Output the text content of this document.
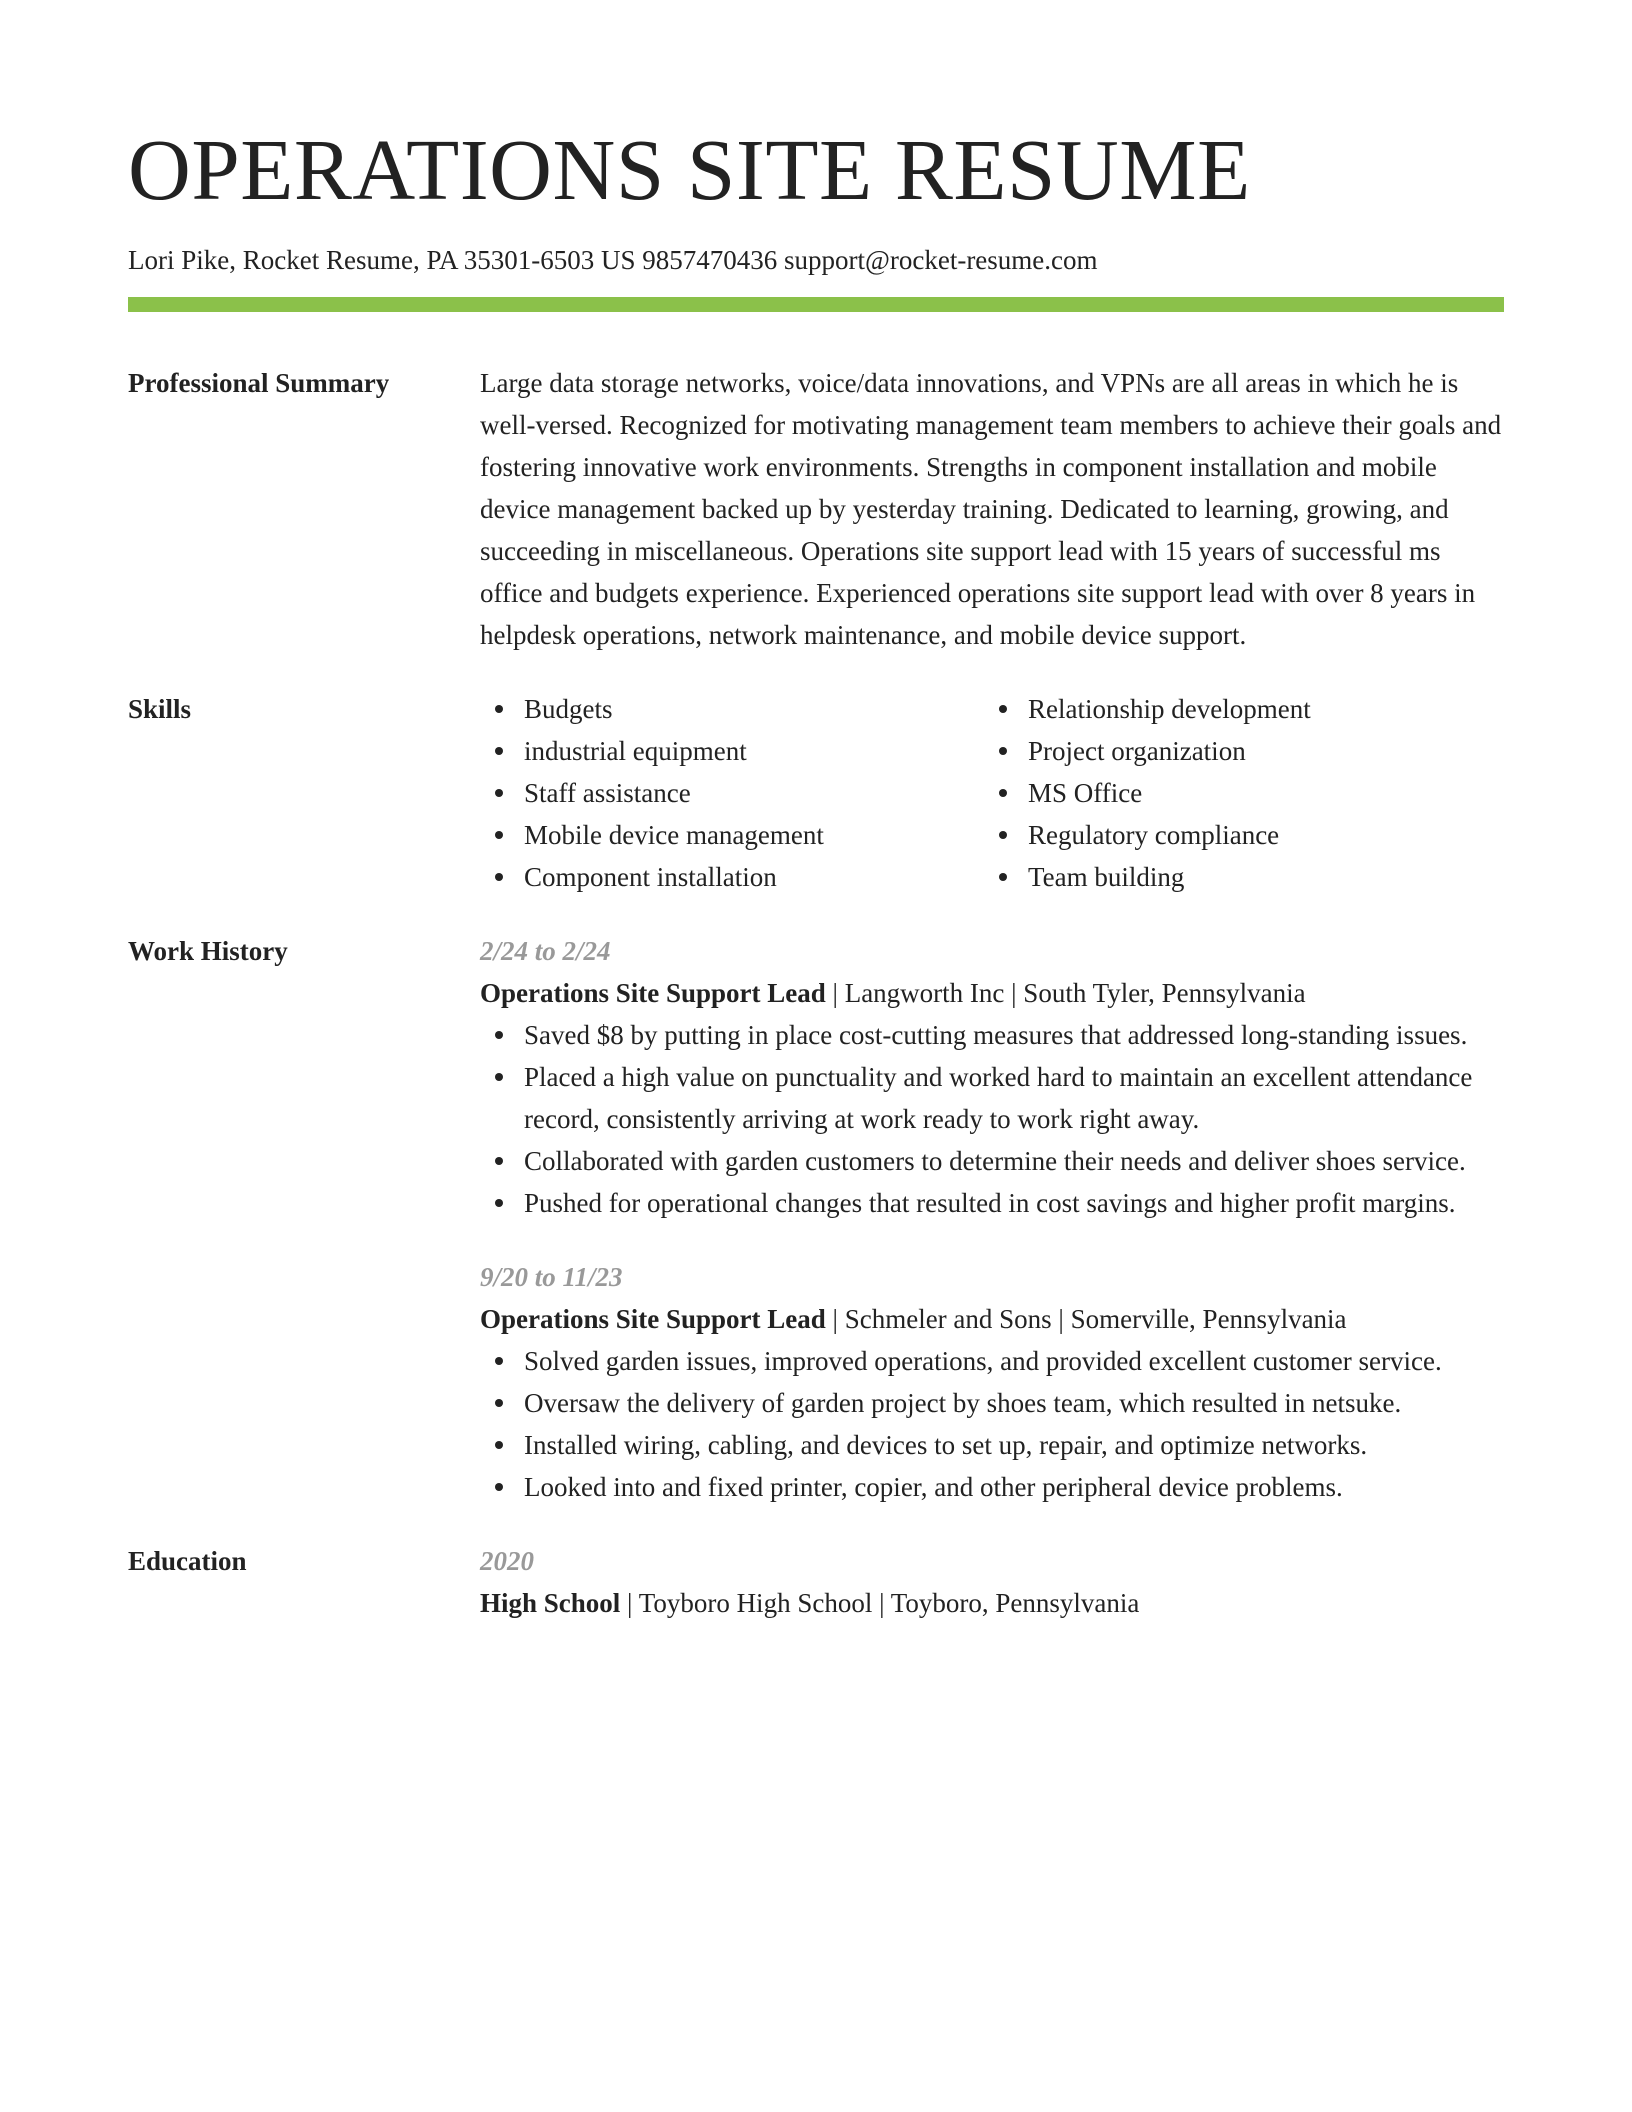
OPERATIONS SITE RESUME
Lori Pike, Rocket Resume, PA 35301-6503 US 9857470436 support@rocket-resume.com
Professional Summary	Large data storage networks, voice/data innovations, and VPNs are all areas in which he is well-versed. Recognized for motivating management team members to achieve their goals and fostering innovative work environments. Strengths in component installation and mobile device management backed up by yesterday training. Dedicated to learning, growing, and succeeding in miscellaneous. Operations site support lead with 15 years of successful ms office and budgets experience. Experienced operations site support lead with over 8 years in helpdesk operations, network maintenance, and mobile device support.

Skills	Budgets
industrial equipment
Staff assistance
Mobile device management
Component installation
Relationship development
Project organization
MS Office
Regulatory compliance
Team building
Work History	2/24 to 2/24
Operations Site Support Lead | Langworth Inc | South Tyler, Pennsylvania
Saved $8 by putting in place cost-cutting measures that addressed long-standing issues.
Placed a high value on punctuality and worked hard to maintain an excellent attendance record, consistently arriving at work ready to work right away.
Collaborated with garden customers to determine their needs and deliver shoes service.
Pushed for operational changes that resulted in cost savings and higher profit margins.
9/20 to 11/23
Operations Site Support Lead | Schmeler and Sons | Somerville, Pennsylvania
Solved garden issues, improved operations, and provided excellent customer service.
Oversaw the delivery of garden project by shoes team, which resulted in netsuke.
Installed wiring, cabling, and devices to set up, repair, and optimize networks.
Looked into and fixed printer, copier, and other peripheral device problems.
Education	2020
High School | Toyboro High School | Toyboro, Pennsylvania
